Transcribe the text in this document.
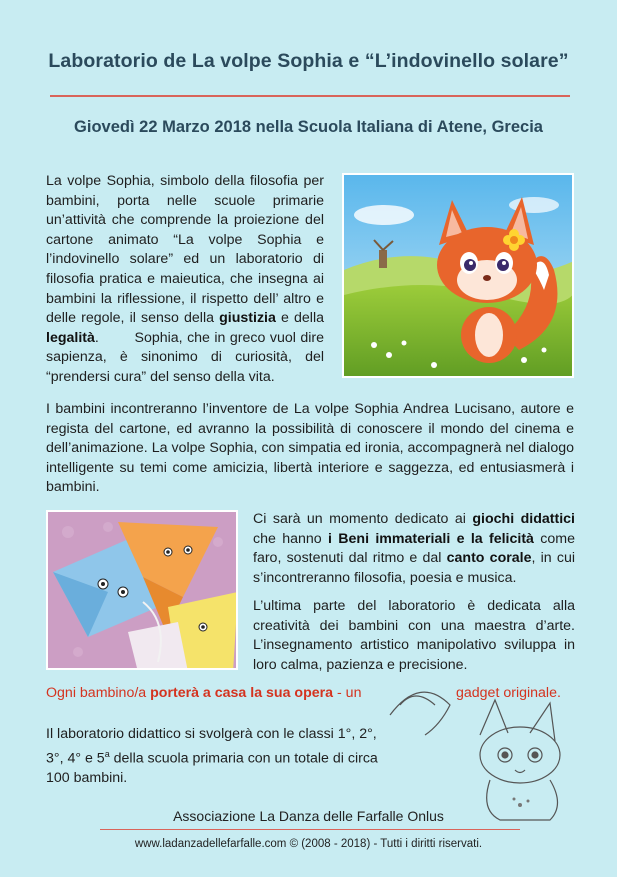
Laboratorio de La volpe Sophia e “L’indovinello solare”
Giovedì 22 Marzo 2018 nella Scuola Italiana di Atene, Grecia
La volpe Sophia, simbolo della filosofia per bambini, porta nelle scuole primarie un’attività che comprende la proiezione del cartone animato “La volpe Sophia e l’indovinello solare” ed un laboratorio di filosofia pratica e maieutica, che insegna ai bambini la riflessione, il rispetto dell’ altro e delle regole, il senso della giustizia e della legalità.        Sophia, che in greco vuol dire sapienza, è sinonimo di curiosità, del “prendersi cura” del senso della vita.
I bambini incontreranno l’inventore de La volpe Sophia Andrea Lucisano, autore e regista del cartone, ed avranno la possibilità di conoscere il mondo del cinema e dell’animazione. La volpe Sophia, con simpatia ed ironia, accompagnerà nel dialogo intelligente su temi come amicizia, libertà interiore e saggezza, ed entusiasmerà i bambini.
Ci sarà un momento dedicato ai giochi didattici che hanno i Beni immateriali e la felicità come faro, sostenuti dal ritmo e dal canto corale, in cui s’incontreranno filosofia, poesia e musica.
L’ultima parte del laboratorio è dedicata alla creatività dei bambini con una maestra d’arte. L’insegnamento artistico manipolativo sviluppa in loro calma, pazienza e precisione.
Ogni bambino/a porterà a casa la sua opera - un	gadget originale.
Il laboratorio didattico si svolgerà con le classi 1°, 2°, 3°, 4° e 5$^a$ della scuola primaria con un totale di circa 100 bambini.
Associazione La Danza delle Farfalle Onlus
www.ladanzadellefarfalle.com © (2008 - 2018) - Tutti i diritti riservati.
